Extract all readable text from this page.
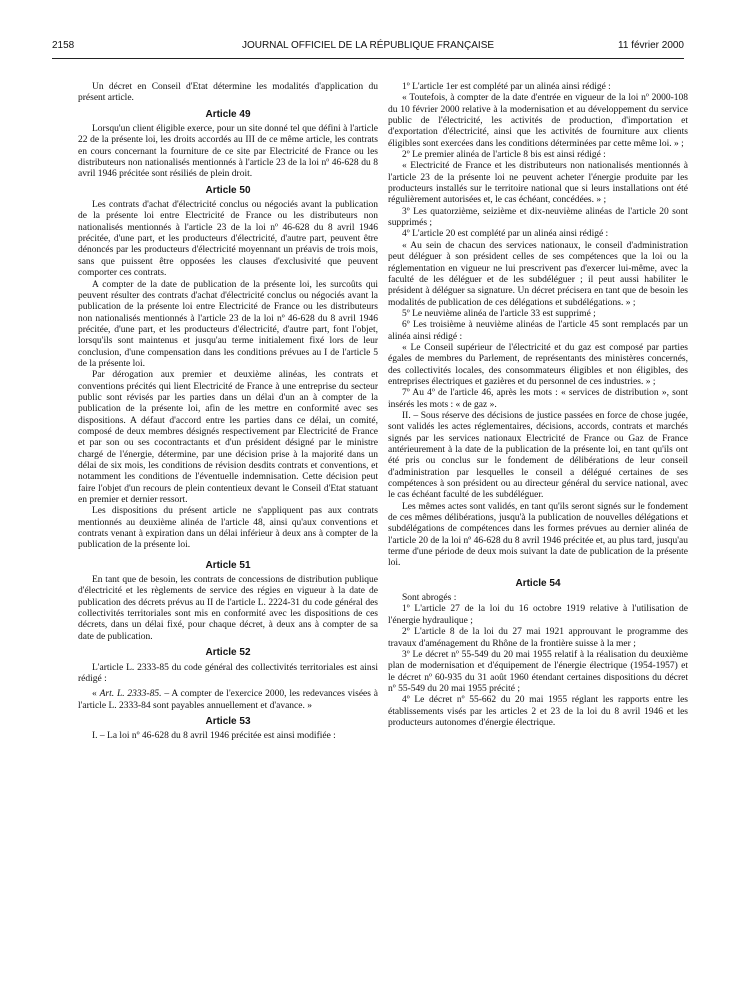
2158	JOURNAL OFFICIEL DE LA RÉPUBLIQUE FRANÇAISE	11 février 2000

Un décret en Conseil d'Etat détermine les modalités d'application du présent article.

Article 49

Lorsqu'un client éligible exerce, pour un site donné tel que défini à l'article 22 de la présente loi, les droits accordés au III de ce même article, les contrats en cours concernant la fourniture de ce site par Electricité de France ou les distributeurs non nationalisés mentionnés à l'article 23 de la loi nº 46-628 du 8 avril 1946 précitée sont résiliés de plein droit.

Article 50

Les contrats d'achat d'électricité conclus ou négociés avant la publication de la présente loi entre Electricité de France ou les distributeurs non nationalisés mentionnés à l'article 23 de la loi nº 46-628 du 8 avril 1946 précitée, d'une part, et les producteurs d'électricité, d'autre part, peuvent être dénoncés par les producteurs d'électricité moyennant un préavis de trois mois, sans que puissent être opposées les clauses d'exclusivité que peuvent comporter ces contrats.

A compter de la date de publication de la présente loi, les surcoûts qui peuvent résulter des contrats d'achat d'électricité conclus ou négociés avant la publication de la présente loi entre Electricité de France ou les distributeurs non nationalisés mentionnés à l'article 23 de la loi nº 46-628 du 8 avril 1946 précitée, d'une part, et les producteurs d'électricité, d'autre part, font l'objet, lorsqu'ils sont maintenus et jusqu'au terme initialement fixé lors de leur conclusion, d'une compensation dans les conditions prévues au I de l'article 5 de la présente loi.

Par dérogation aux premier et deuxième alinéas, les contrats et conventions précités qui lient Electricité de France à une entreprise du secteur public sont révisés par les parties dans un délai d'un an à compter de la publication de la présente loi, afin de les mettre en conformité avec ses dispositions. A défaut d'accord entre les parties dans ce délai, un comité, composé de deux membres désignés respectivement par Electricité de France et par son ou ses cocontractants et d'un président désigné par le ministre chargé de l'énergie, détermine, par une décision prise à la majorité dans un délai de six mois, les conditions de révision desdits contrats et conventions, et notamment les conditions de l'éventuelle indemnisation. Cette décision peut faire l'objet d'un recours de plein contentieux devant le Conseil d'Etat statuant en premier et dernier ressort.

Les dispositions du présent article ne s'appliquent pas aux contrats mentionnés au deuxième alinéa de l'article 48, ainsi qu'aux conventions et contrats venant à expiration dans un délai inférieur à deux ans à compter de la publication de la présente loi.

Article 51

En tant que de besoin, les contrats de concessions de distribution publique d'électricité et les règlements de service des régies en vigueur à la date de publication des décrets prévus au II de l'article L. 2224-31 du code général des collectivités territoriales sont mis en conformité avec les dispositions de ces décrets, dans un délai fixé, pour chaque décret, à deux ans à compter de sa date de publication.

Article 52

L'article L. 2333-85 du code général des collectivités territoriales est ainsi rédigé :

« Art. L. 2333-85. – A compter de l'exercice 2000, les redevances visées à l'article L. 2333-84 sont payables annuellement et d'avance. »

Article 53

I. – La loi nº 46-628 du 8 avril 1946 précitée est ainsi modifiée :

1º L'article 1er est complété par un alinéa ainsi rédigé :

« Toutefois, à compter de la date d'entrée en vigueur de la loi nº 2000-108 du 10 février 2000 relative à la modernisation et au développement du service public de l'électricité, les activités de production, d'importation et d'exportation d'électricité, ainsi que les activités de fourniture aux clients éligibles sont exercées dans les conditions déterminées par cette même loi. » ;

2º Le premier alinéa de l'article 8 bis est ainsi rédigé :

« Electricité de France et les distributeurs non nationalisés mentionnés à l'article 23 de la présente loi ne peuvent acheter l'énergie produite par les producteurs installés sur le territoire national que si leurs installations ont été régulièrement autorisées et, le cas échéant, concédées. » ;

3º Les quatorzième, seizième et dix-neuvième alinéas de l'article 20 sont supprimés ;

4º L'article 20 est complété par un alinéa ainsi rédigé :

« Au sein de chacun des services nationaux, le conseil d'administration peut déléguer à son président celles de ses compétences que la loi ou la réglementation en vigueur ne lui prescrivent pas d'exercer lui-même, avec la faculté de les déléguer et de les subdéléguer ; il peut aussi habiliter le président à déléguer sa signature. Un décret précisera en tant que de besoin les modalités de publication de ces délégations et subdélégations. » ;

5º Le neuvième alinéa de l'article 33 est supprimé ;

6º Les troisième à neuvième alinéas de l'article 45 sont remplacés par un alinéa ainsi rédigé :

« Le Conseil supérieur de l'électricité et du gaz est composé par parties égales de membres du Parlement, de représentants des ministères concernés, des collectivités locales, des consommateurs éligibles et non éligibles, des entreprises électriques et gazières et du personnel de ces industries. » ;

7º Au 4º de l'article 46, après les mots : « services de distribution », sont insérés les mots : « de gaz ».

II. – Sous réserve des décisions de justice passées en force de chose jugée, sont validés les actes réglementaires, décisions, accords, contrats et marchés signés par les services nationaux Electricité de France ou Gaz de France antérieurement à la date de la publication de la présente loi, en tant qu'ils ont été pris ou conclus sur le fondement de délibérations de leur conseil d'administration par lesquelles le conseil a délégué certaines de ses compétences à son président ou au directeur général du service national, avec le cas échéant faculté de les subdéléguer.

Les mêmes actes sont validés, en tant qu'ils seront signés sur le fondement de ces mêmes délibérations, jusqu'à la publication de nouvelles délégations et subdélégations de compétences dans les formes prévues au dernier alinéa de l'article 20 de la loi nº 46-628 du 8 avril 1946 précitée et, au plus tard, jusqu'au terme d'une période de deux mois suivant la date de publication de la présente loi.

Article 54

Sont abrogés :

1º L'article 27 de la loi du 16 octobre 1919 relative à l'utilisation de l'énergie hydraulique ;

2º L'article 8 de la loi du 27 mai 1921 approuvant le programme des travaux d'aménagement du Rhône de la frontière suisse à la mer ;

3º Le décret nº 55-549 du 20 mai 1955 relatif à la réalisation du deuxième plan de modernisation et d'équipement de l'énergie électrique (1954-1957) et le décret nº 60-935 du 31 août 1960 étendant certaines dispositions du décret nº 55-549 du 20 mai 1955 précité ;

4º Le décret nº 55-662 du 20 mai 1955 réglant les rapports entre les établissements visés par les articles 2 et 23 de la loi du 8 avril 1946 et les producteurs autonomes d'énergie électrique.
